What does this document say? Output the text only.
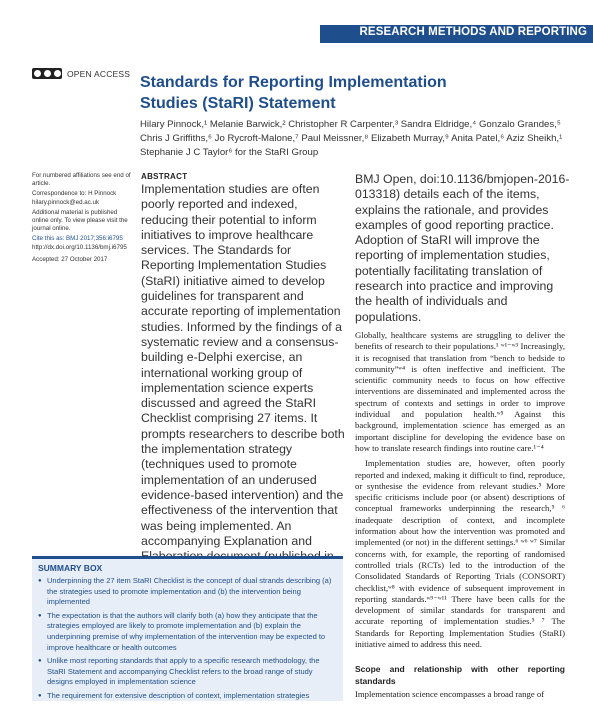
RESEARCH METHODS AND REPORTING
OPEN ACCESS
Standards for Reporting Implementation Studies (StaRI) Statement
Hilary Pinnock,¹ Melanie Barwick,² Christopher R Carpenter,³ Sandra Eldridge,⁴ Gonzalo Grandes,⁵ Chris J Griffiths,⁶ Jo Rycroft-Malone,⁷ Paul Meissner,⁸ Elizabeth Murray,⁹ Anita Patel,⁶ Aziz Sheikh,¹ Stephanie J C Taylor⁶ for the StaRI Group

For numbered affiliations see end of article.

Correspondence to: H Pinnock

hilary.pinnock@ed.ac.uk

Additional material is published online only. To view please visit the journal online.

Cite this as: BMJ 2017;356:i6795

http://dx.doi.org/10.1136/bmj.i6795

Accepted: 27 October 2017

ABSTRACT
Implementation studies are often poorly reported and indexed, reducing their potential to inform initiatives to improve healthcare services. The Standards for Reporting Implementation Studies (StaRI) initiative aimed to develop guidelines for transparent and accurate reporting of implementation studies. Informed by the findings of a systematic review and a consensus-building e-Delphi exercise, an international working group of implementation science experts discussed and agreed the StaRI Checklist comprising 27 items. It prompts researchers to describe both the implementation strategy (techniques used to promote implementation of an underused evidence-based intervention) and the effectiveness of the intervention that was being implemented. An accompanying Explanation and
BMJ Open, doi:10.1136/bmjopen-2016-013318) details each of the items, explains the rationale, and provides examples of good reporting practice. Adoption of StaRI will improve the reporting of implementation studies, potentially facilitating translation of research into practice and improving the health of individuals and populations.

Globally, healthcare systems are struggling to deliver the benefits of research to their populations.¹ ʷ¹⁻ʷ³ Increasingly, it is recognised that translation from “bench to bedside to community”ʷ⁴ is often ineffective and inefficient. The scientific community needs to focus on how effective interventions are disseminated and implemented across the spectrum of contexts and settings in order to improve individual and population health.ʷ⁵ Against this background, implementation science has emerged as an important discipline for developing the evidence base on how to translate research findings into routine care.¹⁻⁴

Implementation studies are, however, often poorly reported and indexed, making it difficult to find, reproduce, or synthesise the evidence from relevant studies.⁵ More specific criticisms include poor (or absent) descriptions of conceptual frameworks underpinning the research,⁵ ⁶ inadequate description of context, and incomplete information about how the intervention was promoted and implemented (or not) in the different settings.⁶ ʷ⁶ ʷ⁷ Similar concerns with, for example, the reporting of randomised controlled trials (RCTs) led to the introduction of the Consolidated Standards of Reporting Trials (CONSORT) checklist,ʷ⁸ with evidence of subsequent improvement in reporting standards.ʷ⁹⁻ʷ¹¹ There have been calls for the development of similar standards for transparent and accurate reporting of implementation studies.⁵ ⁷ The Standards for Reporting Implementation Studies (StaRI) initiative aimed to address this need.

Scope and relationship with other reporting standards

Implementation science encompasses a broad range of

SUMMARY BOX
● Underpinning the 27 item StaRI Checklist is the concept of dual strands describing (a) the strategies used to promote implementation and (b) the intervention being implemented
● The expectation is that the authors will clarify both (a) how they anticipate that the strategies employed are likely to promote implementation and (b) explain the underpinning premise of why implementation of the intervention may be expected to improve healthcare or health outcomes
● Unlike most reporting standards that apply to a specific research methodology, the StaRI Statement and accompanying Checklist refers to the broad range of study designs employed in implementation science
● The requirement for extensive description of context, implementation strategies
